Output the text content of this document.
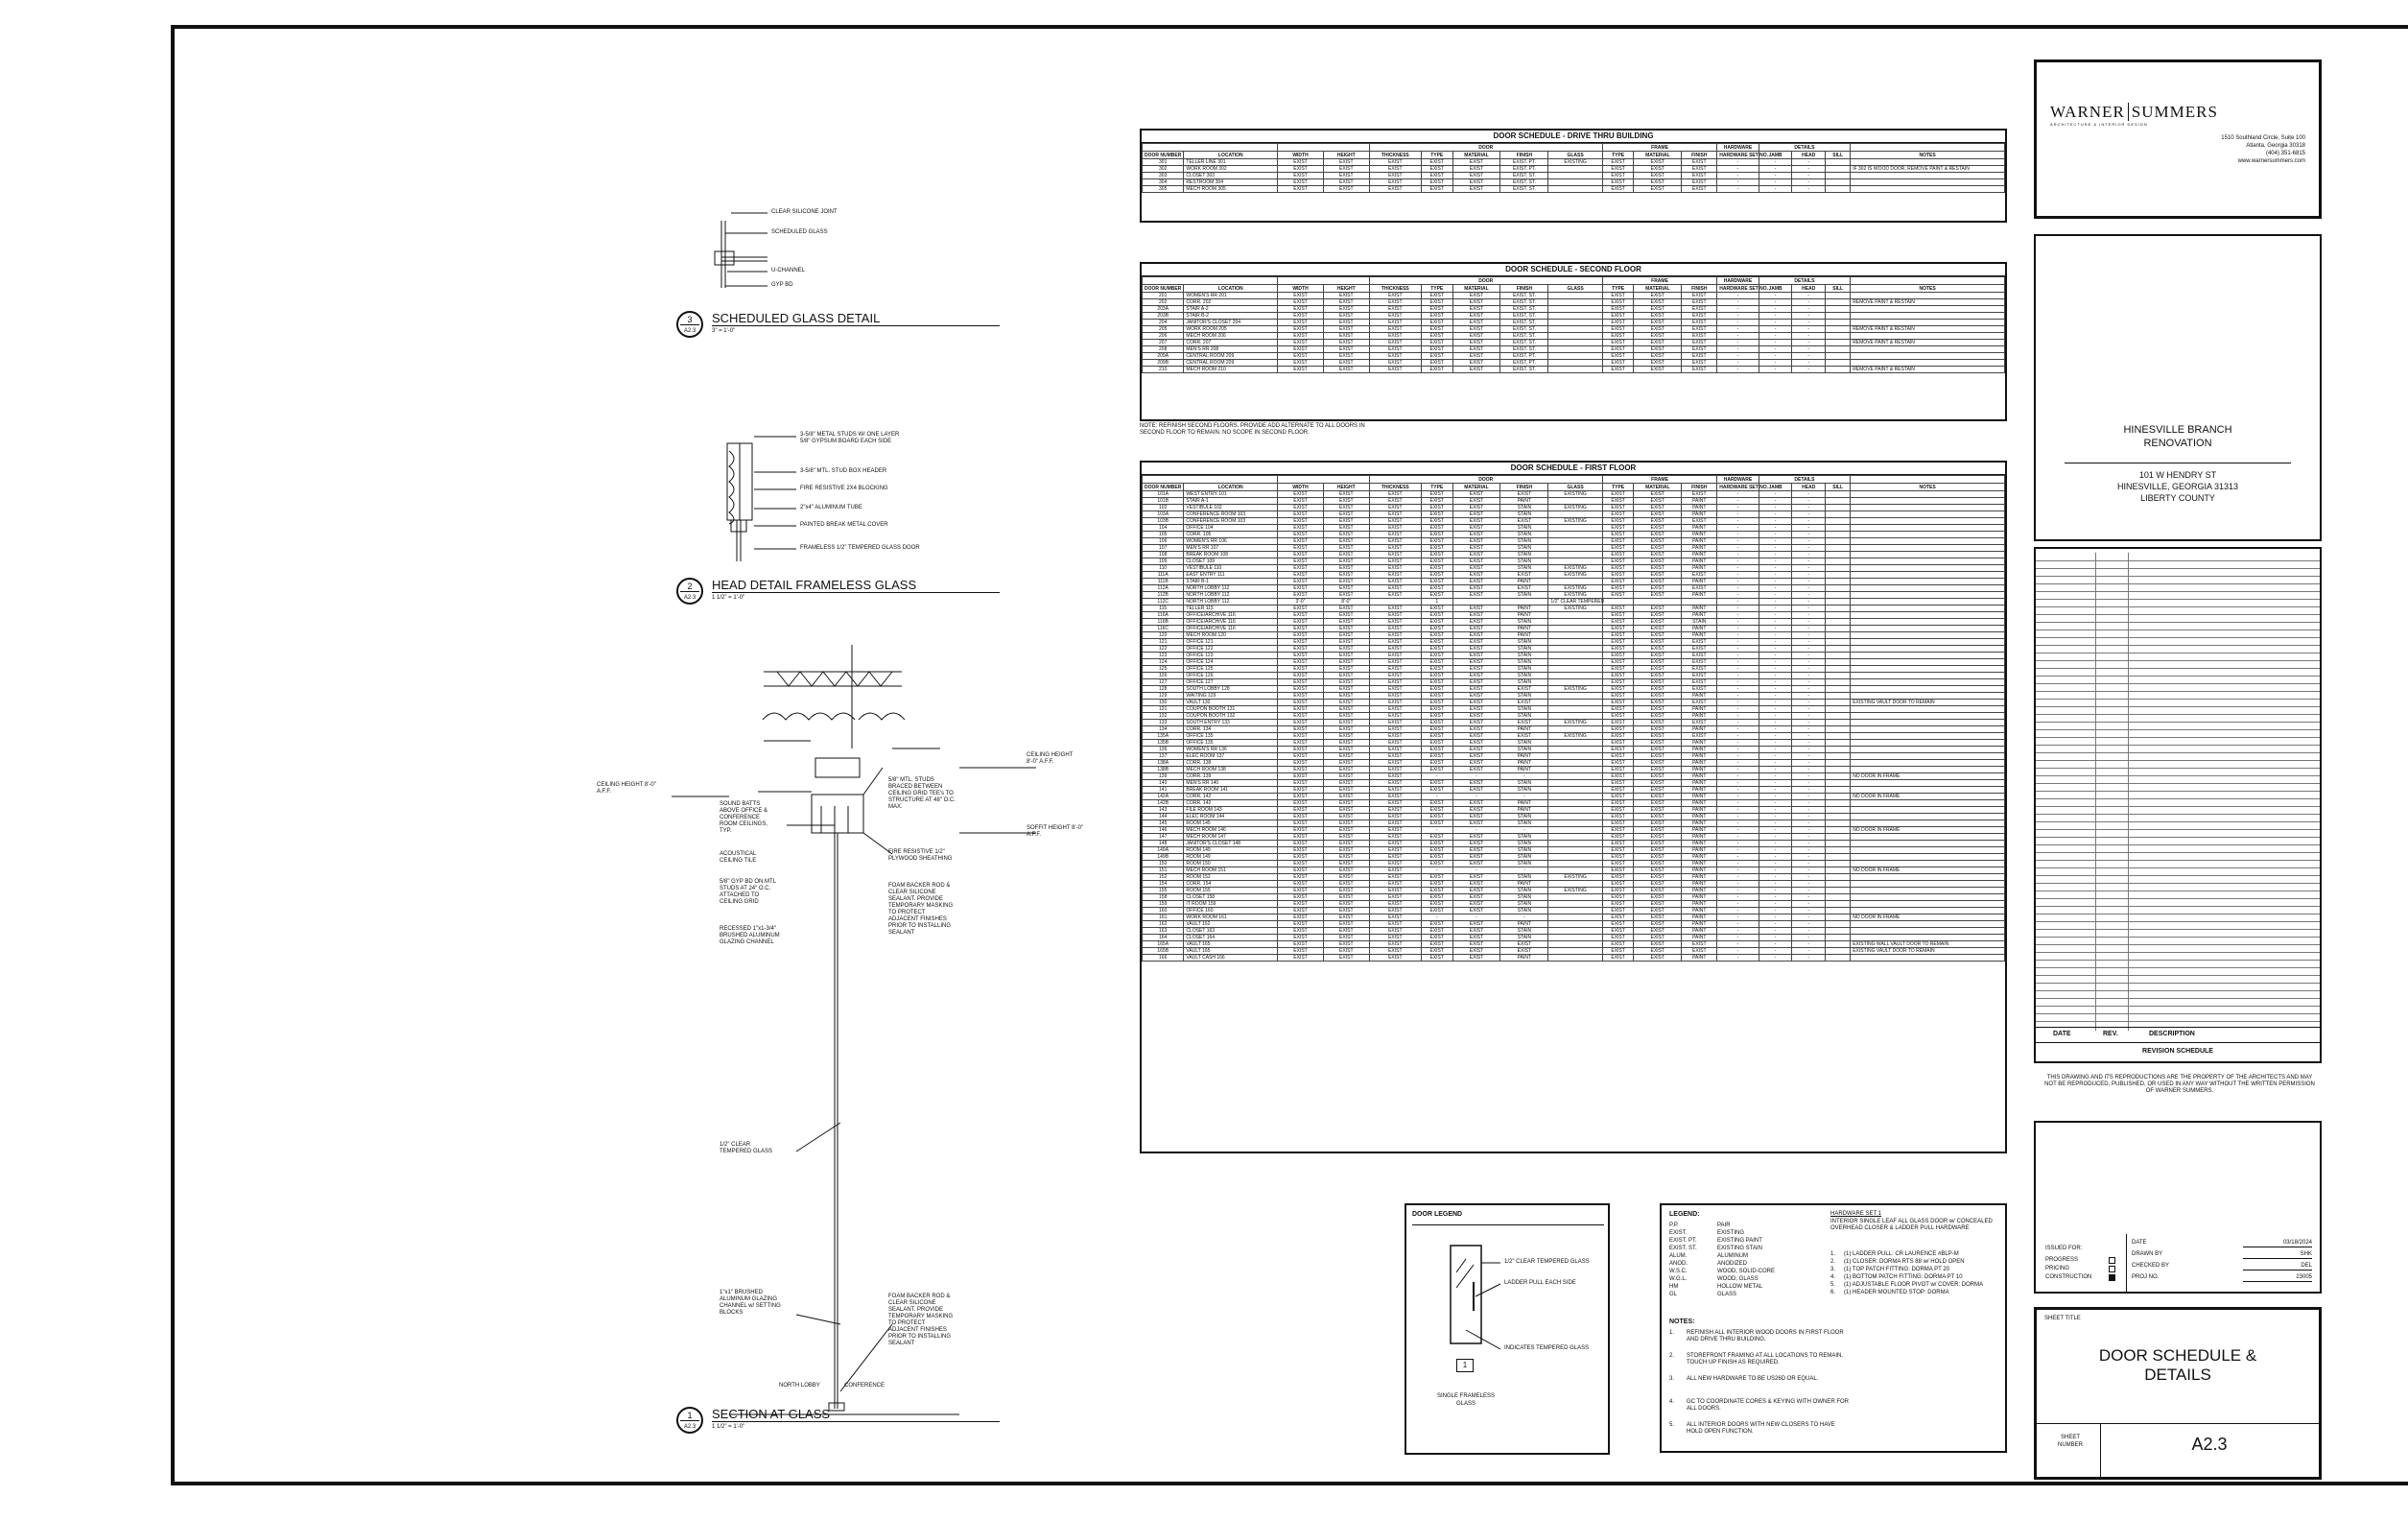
CLEAR SILICONE JOINT
SCHEDULED GLASS
U-CHANNEL
GYP BD
3
A2.3
SCHEDULED GLASS DETAIL
3" = 1'-0"
3-5/8" METAL STUDS W/ ONE LAYER 5/8" GYPSUM BOARD EACH SIDE
3-5/8" MTL. STUD BOX HEADER
FIRE RESISTIVE 2X4 BLOCKING
2"x4" ALUMINUM TUBE
PAINTED BREAK METAL COVER
FRAMELESS 1/2" TEMPERED GLASS DOOR
2
A2.3
HEAD DETAIL FRAMELESS GLASS
1 1/2" = 1'-0"
CEILING HEIGHT 8'-0" A.F.F.
CEILING HEIGHT 8'-0" A.F.F.
SOFFIT HEIGHT 8'-0" A.F.F.
SOUND BATTS ABOVE OFFICE & CONFERENCE ROOM CEILINGS, TYP.
ACOUSTICAL CEILING TILE
5/8" GYP BD ON MTL STUDS AT 24" O.C. ATTACHED TO CEILING GRID
RECESSED 1"x1-3/4" BRUSHED ALUMINUM GLAZING CHANNEL
1/2" CLEAR TEMPERED GLASS
1"x1" BRUSHED ALUMINUM GLAZING CHANNEL w/ SETTING BLOCKS
5/8" MTL. STUDS BRACED BETWEEN CEILING GRID TEE's TO STRUCTURE AT 48" O.C. MAX.
FIRE RESISTIVE 1/2" PLYWOOD SHEATHING
FOAM BACKER ROD & CLEAR SILICONE SEALANT. PROVIDE TEMPORARY MASKING TO PROTECT ADJACENT FINISHES PRIOR TO INSTALLING SEALANT
FOAM BACKER ROD & CLEAR SILICONE SEALANT. PROVIDE TEMPORARY MASKING TO PROTECT ADJACENT FINISHES PRIOR TO INSTALLING SEALANT
NORTH LOBBY	CONFERENCE
1
A2.3
SECTION AT GLASS
1 1/2" = 1'-0"
DOOR SCHEDULE - DRIVE THRU BUILDING
				DOOR					FRAME			HARDWARE	DETAILS			
DOOR NUMBER	LOCATION	WIDTH	HEIGHT	THICKNESS	TYPE	MATERIAL	FINISH	GLASS	TYPE	MATERIAL	FINISH	HARDWARE SET NO.	JAMB	HEAD	SILL	NOTES
301	TELLER LINE 301	EXIST	EXIST	EXIST	EXIST	EXIST	EXIST. PT.	EXISTING	EXIST	EXIST	EXIST	-	-	-		
302	WORK ROOM 302	EXIST	EXIST	EXIST	EXIST	EXIST	EXIST. PT.		EXIST	EXIST	EXIST	-	-	-		IF 302 IS WOOD DOOR, REMOVE PAINT & RESTAIN
303	CLOSET 303	EXIST	EXIST	EXIST	EXIST	EXIST	EXIST. ST.		EXIST	EXIST	EXIST	-	-	-		
304	RESTROOM 304	EXIST	EXIST	EXIST	EXIST	EXIST	EXIST. ST.		EXIST	EXIST	EXIST	-	-	-		
305	MECH ROOM 305	EXIST	EXIST	EXIST	EXIST	EXIST	EXIST. ST.		EXIST	EXIST	EXIST	-	-	-		
DOOR SCHEDULE - SECOND FLOOR
				DOOR					FRAME			HARDWARE	DETAILS			
DOOR NUMBER	LOCATION	WIDTH	HEIGHT	THICKNESS	TYPE	MATERIAL	FINISH	GLASS	TYPE	MATERIAL	FINISH	HARDWARE SET NO.	JAMB	HEAD	SILL	NOTES
201	WOMEN'S RR 201	EXIST	EXIST	EXIST	EXIST	EXIST	EXIST. ST.		EXIST	EXIST	EXIST	-	-	-		
202	CORR. 202	EXIST	EXIST	EXIST	EXIST	EXIST	EXIST. ST.		EXIST	EXIST	EXIST	-	-	-		REMOVE PAINT & RESTAIN
203A	STAIR A-2	EXIST	EXIST	EXIST	EXIST	EXIST	EXIST. ST.		EXIST	EXIST	EXIST	-	-	-		
203B	STAIR B-2	EXIST	EXIST	EXIST	EXIST	EXIST	EXIST. ST.		EXIST	EXIST	EXIST	-	-	-		
204	JANITOR'S CLOSET 204	EXIST	EXIST	EXIST	EXIST	EXIST	EXIST. ST.		EXIST	EXIST	EXIST	-	-	-		
205	WORK ROOM 205	EXIST	EXIST	EXIST	EXIST	EXIST	EXIST. ST.		EXIST	EXIST	EXIST	-	-	-		REMOVE PAINT & RESTAIN
206	MECH ROOM 206	EXIST	EXIST	EXIST	EXIST	EXIST	EXIST. ST.		EXIST	EXIST	EXIST	-	-	-		
207	CORR. 207	EXIST	EXIST	EXIST	EXIST	EXIST	EXIST. ST.		EXIST	EXIST	EXIST	-	-	-		REMOVE PAINT & RESTAIN
208	MEN'S RR 208	EXIST	EXIST	EXIST	EXIST	EXIST	EXIST. ST.		EXIST	EXIST	EXIST	-	-	-		
209A	CENTRAL ROOM 209	EXIST	EXIST	EXIST	EXIST	EXIST	EXIST. PT.		EXIST	EXIST	EXIST	-	-	-		
209B	CENTRAL ROOM 209	EXIST	EXIST	EXIST	EXIST	EXIST	EXIST. PT.		EXIST	EXIST	EXIST	-	-	-		
210	MECH ROOM 210	EXIST	EXIST	EXIST	EXIST	EXIST	EXIST. ST.		EXIST	EXIST	EXIST	-	-	-		REMOVE PAINT & RESTAIN
NOTE: REFINISH SECOND FLOORS. PROVIDE ADD ALTERNATE TO ALL DOORS IN SECOND FLOOR TO REMAIN. NO SCOPE IN SECOND FLOOR.
DOOR SCHEDULE - FIRST FLOOR
				DOOR					FRAME			HARDWARE	DETAILS			
DOOR NUMBER	LOCATION	WIDTH	HEIGHT	THICKNESS	TYPE	MATERIAL	FINISH	GLASS	TYPE	MATERIAL	FINISH	HARDWARE SET NO.	JAMB	HEAD	SILL	NOTES
101A	WEST ENTRY 101	EXIST	EXIST	EXIST	EXIST	EXIST	EXIST	EXISTING	EXIST	EXIST	EXIST	-	-	-		
101B	STAIR A-1	EXIST	EXIST	EXIST	EXIST	EXIST	PAINT		EXIST	EXIST	PAINT	-	-	-		
102	VESTIBULE 102	EXIST	EXIST	EXIST	EXIST	EXIST	STAIN	EXISTING	EXIST	EXIST	PAINT	-	-	-		
103A	CONFERENCE ROOM 103	EXIST	EXIST	EXIST	EXIST	EXIST	STAIN		EXIST	EXIST	PAINT	-	-	-		
103B	CONFERENCE ROOM 103	EXIST	EXIST	EXIST	EXIST	EXIST	EXIST	EXISTING	EXIST	EXIST	EXIST	-	-	-		
104	OFFICE 104	EXIST	EXIST	EXIST	EXIST	EXIST	STAIN		EXIST	EXIST	PAINT	-	-	-		
105	CORR. 105	EXIST	EXIST	EXIST	EXIST	EXIST	STAIN		EXIST	EXIST	PAINT	-	-	-		
106	WOMEN'S RR 106	EXIST	EXIST	EXIST	EXIST	EXIST	STAIN		EXIST	EXIST	PAINT	-	-	-		
107	MEN'S RR 107	EXIST	EXIST	EXIST	EXIST	EXIST	STAIN		EXIST	EXIST	PAINT	-	-	-		
108	BREAK ROOM 108	EXIST	EXIST	EXIST	EXIST	EXIST	STAIN		EXIST	EXIST	PAINT	-	-	-		
109	CLOSET 109	EXIST	EXIST	EXIST	EXIST	EXIST	STAIN		EXIST	EXIST	PAINT	-	-	-		
110	VESTIBULE 110	EXIST	EXIST	EXIST	EXIST	EXIST	STAIN	EXISTING	EXIST	EXIST	PAINT	-	-	-		
111A	EAST ENTRY 111	EXIST	EXIST	EXIST	EXIST	EXIST	EXIST	EXISTING	EXIST	EXIST	EXIST	-	-	-		
111B	STAIR B-1	EXIST	EXIST	EXIST	EXIST	EXIST	PAINT		EXIST	EXIST	PAINT	-	-	-		
112A	NORTH LOBBY 112	EXIST	EXIST	EXIST	EXIST	EXIST	EXIST	EXISTING	EXIST	EXIST	EXIST	-	-	-		
112B	NORTH LOBBY 112	EXIST	EXIST	EXIST	EXIST	EXIST	STAIN	EXISTING	EXIST	EXIST	PAINT	-	-	-		
112C	NORTH LOBBY 112	3'-0"	8'-0"		1			1/2" CLEAR TEMPERED				-	-	-		
115	TELLER 115	EXIST	EXIST	EXIST	EXIST	EXIST	PAINT	EXISTING	EXIST	EXIST	PAINT	-	-	-		
116A	OFFICE/ARCHIVE 116	EXIST	EXIST	EXIST	EXIST	EXIST	PAINT		EXIST	EXIST	PAINT	-	-	-		
116B	OFFICE/ARCHIVE 116	EXIST	EXIST	EXIST	EXIST	EXIST	STAIN		EXIST	EXIST	STAIN	-	-	-		
116C	OFFICE/ARCHIVE 116	EXIST	EXIST	EXIST	EXIST	EXIST	PAINT		EXIST	EXIST	PAINT	-	-	-		
120	MECH ROOM 120	EXIST	EXIST	EXIST	EXIST	EXIST	PAINT		EXIST	EXIST	PAINT	-	-	-		
121	OFFICE 121	EXIST	EXIST	EXIST	EXIST	EXIST	STAIN		EXIST	EXIST	EXIST	-	-	-		
122	OFFICE 122	EXIST	EXIST	EXIST	EXIST	EXIST	STAIN		EXIST	EXIST	EXIST	-	-	-		
123	OFFICE 123	EXIST	EXIST	EXIST	EXIST	EXIST	STAIN		EXIST	EXIST	EXIST	-	-	-		
124	OFFICE 124	EXIST	EXIST	EXIST	EXIST	EXIST	STAIN		EXIST	EXIST	EXIST	-	-	-		
125	OFFICE 125	EXIST	EXIST	EXIST	EXIST	EXIST	STAIN		EXIST	EXIST	EXIST	-	-	-		
126	OFFICE 126	EXIST	EXIST	EXIST	EXIST	EXIST	STAIN		EXIST	EXIST	EXIST	-	-	-		
127	OFFICE 127	EXIST	EXIST	EXIST	EXIST	EXIST	STAIN		EXIST	EXIST	EXIST	-	-	-		
128	SOUTH LOBBY 128	EXIST	EXIST	EXIST	EXIST	EXIST	EXIST	EXISTING	EXIST	EXIST	EXIST	-	-	-		
129	WAITING 129	EXIST	EXIST	EXIST	EXIST	EXIST	STAIN		EXIST	EXIST	PAINT	-	-	-		
130	VAULT 130	EXIST	EXIST	EXIST	EXIST	EXIST	EXIST		EXIST	EXIST	EXIST	-	-	-		EXISTING VAULT DOOR TO REMAIN
131	COUPON BOOTH 131	EXIST	EXIST	EXIST	EXIST	EXIST	STAIN		EXIST	EXIST	PAINT	-	-	-		
132	COUPON BOOTH 132	EXIST	EXIST	EXIST	EXIST	EXIST	STAIN		EXIST	EXIST	PAINT	-	-	-		
133	SOUTH ENTRY 133	EXIST	EXIST	EXIST	EXIST	EXIST	EXIST	EXISTING	EXIST	EXIST	EXIST	-	-	-		
134	CORR. 134	EXIST	EXIST	EXIST	EXIST	EXIST	PAINT		EXIST	EXIST	PAINT	-	-	-		
135A	OFFICE 135	EXIST	EXIST	EXIST	EXIST	EXIST	EXIST	EXISTING	EXIST	EXIST	EXIST	-	-	-		
135B	OFFICE 135	EXIST	EXIST	EXIST	EXIST	EXIST	STAIN		EXIST	EXIST	PAINT	-	-	-		
136	WOMEN'S RR 136	EXIST	EXIST	EXIST	EXIST	EXIST	STAIN		EXIST	EXIST	PAINT	-	-	-		
137	ELEC ROOM 137	EXIST	EXIST	EXIST	EXIST	EXIST	PAINT		EXIST	EXIST	PAINT	-	-	-		
138A	CORR. 138	EXIST	EXIST	EXIST	EXIST	EXIST	PAINT		EXIST	EXIST	PAINT	-	-	-		
138B	MECH ROOM 138	EXIST	EXIST	EXIST	EXIST	EXIST	PAINT		EXIST	EXIST	PAINT	-	-	-		
139	CORR. 139	EXIST	EXIST	EXIST	-	-	-		EXIST	EXIST	PAINT	-	-	-		NO DOOR IN FRAME
140	MEN'S RR 140	EXIST	EXIST	EXIST	EXIST	EXIST	STAIN		EXIST	EXIST	PAINT	-	-	-		
141	BREAK ROOM 141	EXIST	EXIST	EXIST	EXIST	EXIST	STAIN		EXIST	EXIST	PAINT	-	-	-		
142A	CORR. 142	EXIST	EXIST	EXIST	-	-	-		EXIST	EXIST	PAINT	-	-	-		NO DOOR IN FRAME
142B	CORR. 142	EXIST	EXIST	EXIST	EXIST	EXIST	PAINT		EXIST	EXIST	PAINT	-	-	-		
143	FILE ROOM 143	EXIST	EXIST	EXIST	EXIST	EXIST	PAINT		EXIST	EXIST	PAINT	-	-	-		
144	ELEC ROOM 144	EXIST	EXIST	EXIST	EXIST	EXIST	STAIN		EXIST	EXIST	PAINT	-	-	-		
145	ROOM 145	EXIST	EXIST	EXIST	EXIST	EXIST	STAIN		EXIST	EXIST	PAINT	-	-	-		
146	MECH ROOM 146	EXIST	EXIST	EXIST	-	-	-		EXIST	EXIST	PAINT	-	-	-		NO DOOR IN FRAME
147	MECH ROOM 147	EXIST	EXIST	EXIST	EXIST	EXIST	STAIN		EXIST	EXIST	PAINT	-	-	-		
148	JANITOR'S CLOSET 148	EXIST	EXIST	EXIST	EXIST	EXIST	STAIN		EXIST	EXIST	PAINT	-	-	-		
149A	ROOM 149	EXIST	EXIST	EXIST	EXIST	EXIST	STAIN		EXIST	EXIST	PAINT	-	-	-		
149B	ROOM 149	EXIST	EXIST	EXIST	EXIST	EXIST	STAIN		EXIST	EXIST	PAINT	-	-	-		
150	ROOM 150	EXIST	EXIST	EXIST	EXIST	EXIST	STAIN		EXIST	EXIST	PAINT	-	-	-		
151	MECH ROOM 151	EXIST	EXIST	EXIST	-	-	-		EXIST	EXIST	PAINT	-	-	-		NO DOOR IN FRAME
152	ROOM 152	EXIST	EXIST	EXIST	EXIST	EXIST	STAIN	EXISTING	EXIST	EXIST	PAINT	-	-	-		
154	CORR. 154	EXIST	EXIST	EXIST	EXIST	EXIST	PAINT		EXIST	EXIST	PAINT	-	-	-		
155	ROOM 155	EXIST	EXIST	EXIST	EXIST	EXIST	STAIN	EXISTING	EXIST	EXIST	PAINT	-	-	-		
158	CLOSET 158	EXIST	EXIST	EXIST	EXIST	EXIST	STAIN		EXIST	EXIST	PAINT	-	-	-		
159	IT ROOM 159	EXIST	EXIST	EXIST	EXIST	EXIST	STAIN		EXIST	EXIST	PAINT	-	-	-		
160	OFFICE 160	EXIST	EXIST	EXIST	EXIST	EXIST	STAIN		EXIST	EXIST	PAINT	-	-	-		
161	WORK ROOM 161	EXIST	EXIST	EXIST	-	-	-		EXIST	EXIST	PAINT	-	-	-		NO DOOR IN FRAME
162	VAULT 162	EXIST	EXIST	EXIST	EXIST	EXIST	PAINT		EXIST	EXIST	PAINT	-	-	-		
163	CLOSET 163	EXIST	EXIST	EXIST	EXIST	EXIST	STAIN		EXIST	EXIST	PAINT	-	-	-		
164	CLOSET 164	EXIST	EXIST	EXIST	EXIST	EXIST	STAIN		EXIST	EXIST	PAINT	-	-	-		
165A	VAULT 165	EXIST	EXIST	EXIST	EXIST	EXIST	EXIST		EXIST	EXIST	EXIST	-	-	-		EXISTING WALL VAULT DOOR TO REMAIN
165B	VAULT 165	EXIST	EXIST	EXIST	EXIST	EXIST	EXIST		EXIST	EXIST	EXIST	-	-	-		EXISTING VAULT DOOR TO REMAIN
166	VAULT CASH 166	EXIST	EXIST	EXIST	EXIST	EXIST	PAINT		EXIST	EXIST	PAINT	-	-	-		
DOOR LEGEND
1/2" CLEAR TEMPERED GLASS
LADDER PULL EACH SIDE
INDICATES TEMPERED GLASS
1
SINGLE FRAMELESS
GLASS
LEGEND:
P.P.	PAIR
EXIST.	EXISTING
EXIST. PT.	EXISTING PAINT
EXIST. ST.	EXISTING STAIN
ALUM.	ALUMINUM
ANOD.	ANODIZED
W.S.C.	WOOD, SOLID-CORE
W.G.L.	WOOD, GLASS
HM	HOLLOW METAL
GL	GLASS
HARDWARE SET 1
INTERIOR SINGLE LEAF ALL GLASS DOOR w/ CONCEALED OVERHEAD CLOSER & LADDER PULL HARDWARE
1. (1) LADDER PULL: CR LAURENCE #BLP-M
2. (1) CLOSER: DORMA RTS 88 w/ HOLD OPEN
3. (1) TOP PATCH FITTING: DORMA PT 20
4. (1) BOTTOM PATCH FITTING: DORMA PT 10
5. (1) ADJUSTABLE FLOOR PIVOT w/ COVER: DORMA
6. (1) HEADER MOUNTED STOP: DORMA
NOTES:
1. REFINISH ALL INTERIOR WOOD DOORS IN FIRST FLOOR AND DRIVE THRU BUILDING.
2. STOREFRONT FRAMING AT ALL LOCATIONS TO REMAIN. TOUCH UP FINISH AS REQUIRED.
3. ALL NEW HARDWARE TO BE US26D OR EQUAL.
4. GC TO COORDINATE CORES & KEYING WITH OWNER FOR ALL DOORS.
5. ALL INTERIOR DOORS WITH NEW CLOSERS TO HAVE HOLD OPEN FUNCTION.
WARNER SUMMERS
ARCHITECTURE & INTERIOR DESIGN
1510 Southland Circle, Suite 100
Atlanta, Georgia 30318
(404) 351-6815
www.warnersummers.com
HINESVILLE BRANCH
RENOVATION
101 W HENDRY ST
HINESVILLE, GEORGIA 31313
LIBERTY COUNTY
DATE	REV.	DESCRIPTION
REVISION SCHEDULE
THIS DRAWING AND ITS REPRODUCTIONS ARE THE PROPERTY OF THE ARCHITECTS AND MAY NOT BE REPRODUCED, PUBLISHED, OR USED IN ANY WAY WITHOUT THE WRITTEN PERMISSION OF WARNER SUMMERS.
ISSUED FOR:
PROGRESS
PRICING
CONSTRUCTION
DATE	03/18/2024
DRAWN BY	SHK
CHECKED BY	DEL
PROJ NO.	23005
SHEET TITLE
DOOR SCHEDULE &
DETAILS
SHEET
NUMBER	A2.3
